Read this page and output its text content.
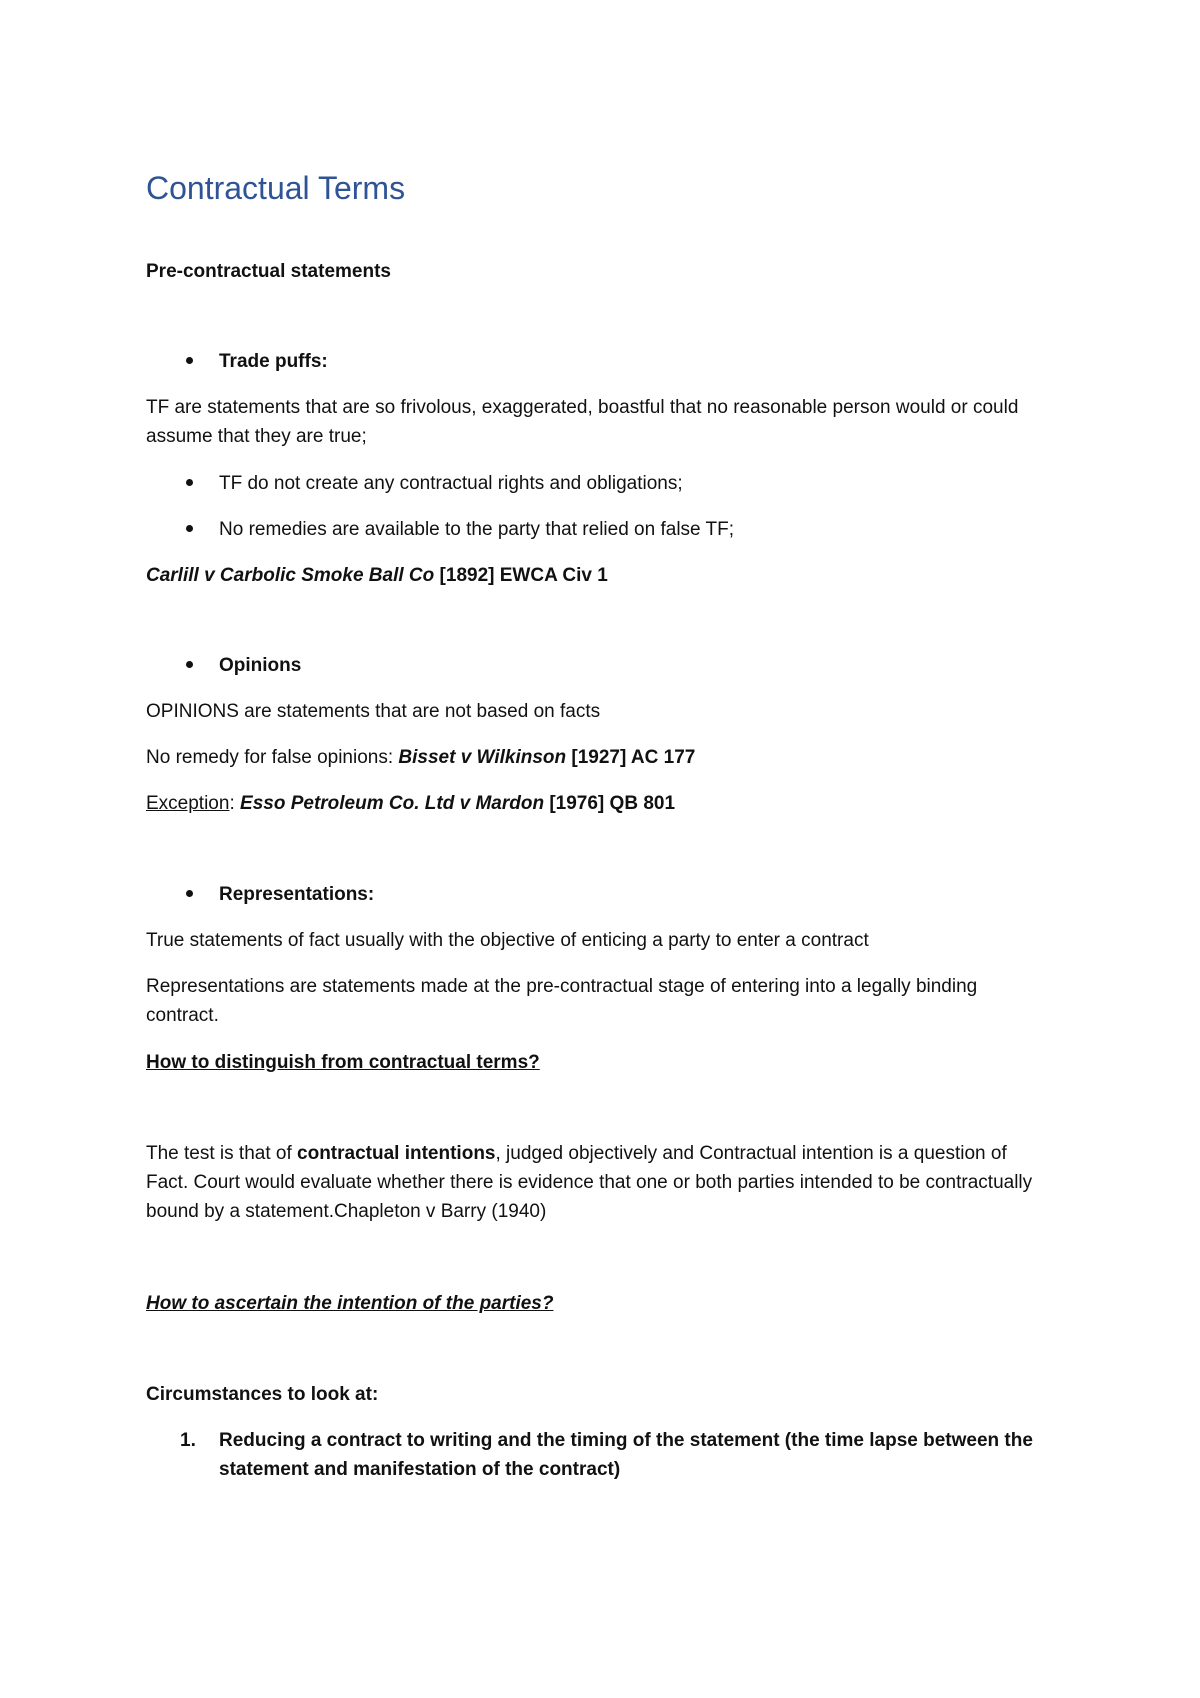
Contractual Terms
Pre-contractual statements
Trade puffs:
TF are statements that are so frivolous, exaggerated, boastful that no reasonable person would or could assume that they are true;
TF do not create any contractual rights and obligations;
No remedies are available to the party that relied on false TF;
Carlill v Carbolic Smoke Ball Co [1892] EWCA Civ 1
Opinions
OPINIONS are statements that are not based on facts
No remedy for false opinions: Bisset v Wilkinson [1927] AC 177
Exception: Esso Petroleum Co. Ltd v Mardon [1976] QB 801
Representations:
True statements of fact usually with the objective of enticing a party to enter a contract
Representations are statements made at the pre-contractual stage of entering into a legally binding contract.
How to distinguish from contractual terms?
The test is that of contractual intentions, judged objectively and Contractual intention is a question of Fact. Court would evaluate whether there is evidence that one or both parties intended to be contractually bound by a statement.Chapleton v Barry (1940)
How to ascertain the intention of the parties?
Circumstances to look at:
1. Reducing a contract to writing and the timing of the statement (the time lapse between the statement and manifestation of the contract)
